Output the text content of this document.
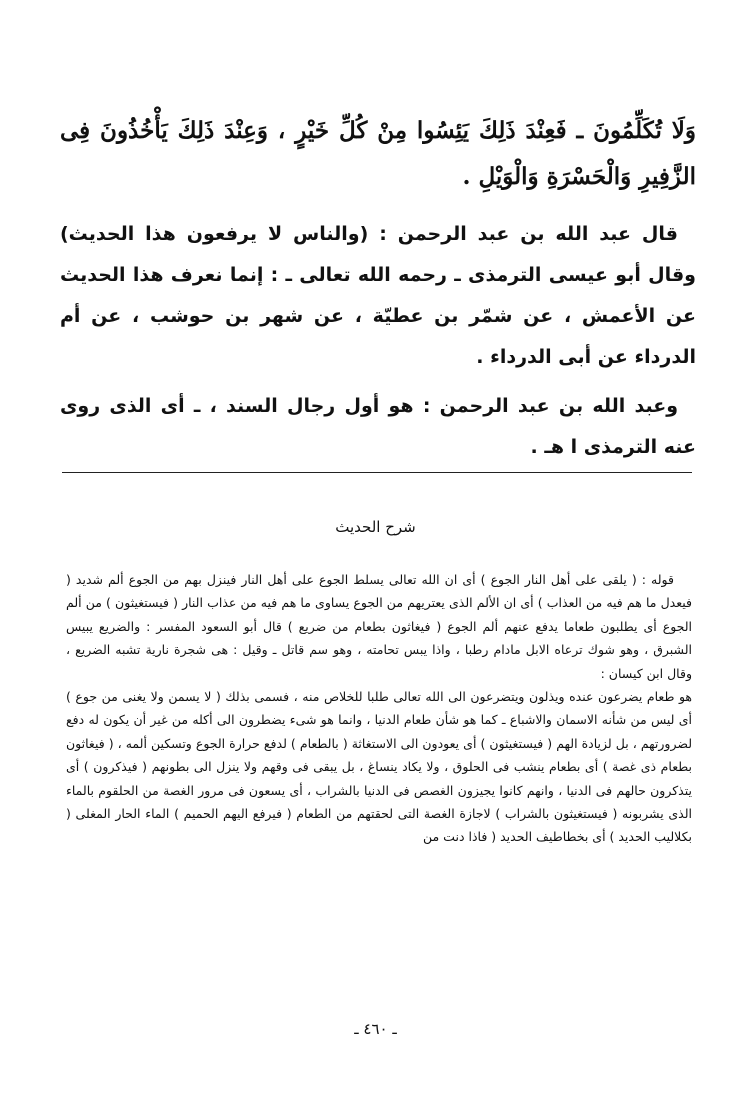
وَلَا تُكَلِّمُونَ ـ فَعِنْدَ ذَلِكَ يَئِسُوا مِنْ كُلِّ خَيْرٍ ، وَعِنْدَ ذَلِكَ يَأْخُذُونَ فِى الزَّفِيرِ وَالْحَسْرَةِ وَالْوَيْلِ .

قال عبد الله بن عبد الرحمن : (والناس لا يرفعون هذا الحديث) وقال أبو عيسى الترمذى ـ رحمه الله تعالى ـ : إنما نعرف هذا الحديث عن الأعمش ، عن شمّر بن عطيّة ، عن شهر بن حوشب ، عن أم الدرداء عن أبى الدرداء .

وعبد الله بن عبد الرحمن : هو أول رجال السند ، ـ أى الذى روى عنه الترمذى ا هـ .

شرح الحديث

قوله : ( يلقى على أهل النار الجوع ) أى ان الله تعالى يسلط الجوع على أهل النار فينزل بهم من الجوع ألم شديد ( فيعدل ما هم فيه من العذاب ) أى ان الألم الذى يعتريهم من الجوع يساوى ما هم فيه من عذاب النار ( فيستغيثون ) من ألم الجوع أى يطلبون طعاما يدفع عنهم ألم الجوع ( فيغاثون بطعام من ضريع ) قال أبو السعود المفسر : والضريع يبيس الشبرق ، وهو شوك ترعاه الابل مادام رطبا ، واذا يبس تحامته ، وهو سم قاتل ـ وقيل : هى شجرة نارية تشبه الضريع ، وقال ابن كيسان :

هو طعام يضرعون عنده ويذلون ويتضرعون الى الله تعالى طلبا للخلاص منه ، فسمى بذلك ( لا يسمن ولا يغنى من جوع ) أى ليس من شأنه الاسمان والاشباع ـ كما هو شأن طعام الدنيا ، وانما هو شىء يضطرون الى أكله من غير أن يكون له دفع لضرورتهم ، بل لزيادة الهم ( فيستغيثون ) أى يعودون الى الاستغاثة ( بالطعام ) لدفع حرارة الجوع وتسكين ألمه ، ( فيغاثون بطعام ذى غصة ) أى بطعام ينشب فى الحلوق ، ولا يكاد ينساغ ، بل يبقى فى وقهم ولا ينزل الى بطونهم ( فيذكرون ) أى يتذكرون حالهم فى الدنيا ، وانهم كانوا يجيزون الغصص فى الدنيا بالشراب ، أى يسعون فى مرور الغصة من الحلقوم بالماء الذى يشربونه ( فيستغيثون بالشراب ) لاجازة الغصة التى لحقتهم من الطعام ( فيرفع اليهم الحميم ) الماء الحار المغلى ( بكلاليب الحديد ) أى بخطاطيف الحديد ( فاذا دنت من

ـ ٤٦٠ ـ
